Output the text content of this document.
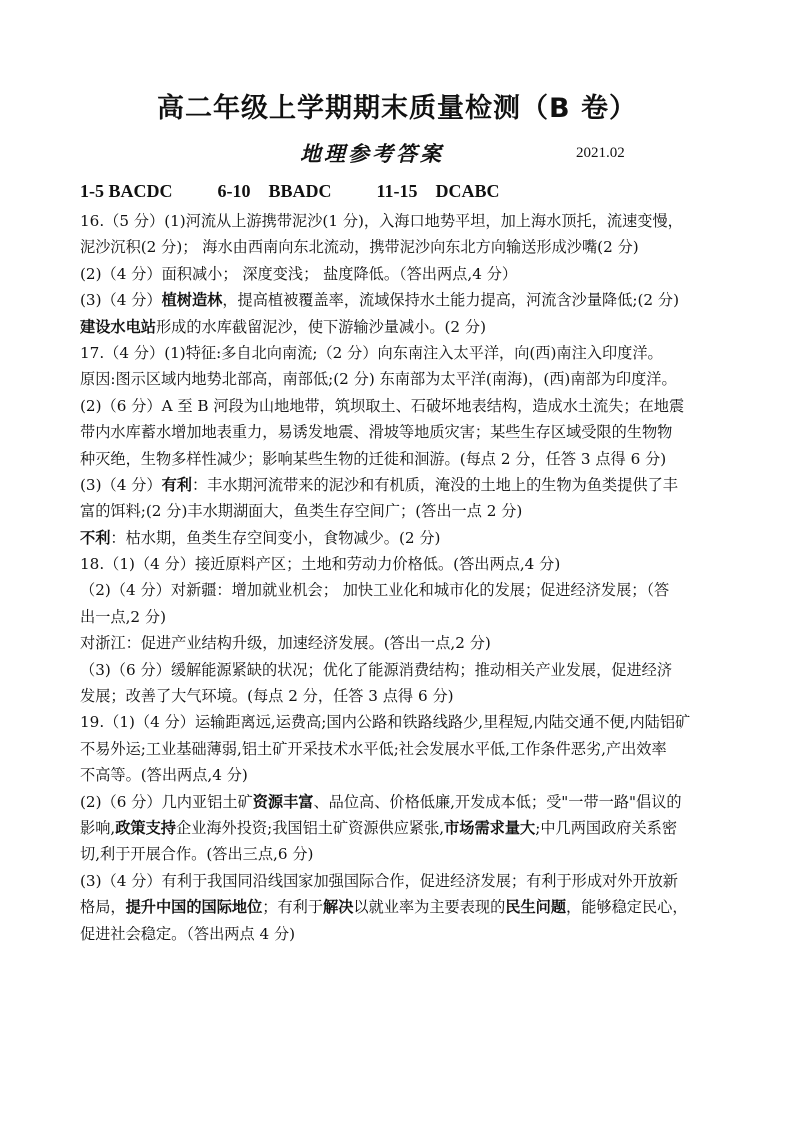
高二年级上学期期末质量检测（B 卷）
地理参考答案	2021.02
1-5 BACDC          6-10    BBADC          11-15    DCABC
16.（5 分）(1)河流从上游携带泥沙(1 分)，入海口地势平坦，加上海水顶托，流速变慢，
泥沙沉积(2 分)； 海水由西南向东北流动，携带泥沙向东北方向输送形成沙嘴(2 分)
(2)（4 分）面积减小； 深度变浅； 盐度降低。（答出两点,4 分）
(3)（4 分）植树造林，提高植被覆盖率，流域保持水土能力提高，河流含沙量降低;(2 分)
建设水电站形成的水库截留泥沙，使下游输沙量减小。(2 分)
17.（4 分）(1)特征:多自北向南流;（2 分）向东南注入太平洋，向(西)南注入印度洋。
原因:图示区域内地势北部高，南部低;(2 分) 东南部为太平洋(南海)，(西)南部为印度洋。
(2)（6 分）A 至 B 河段为山地地带，筑坝取土、石破坏地表结构，造成水土流失；在地震
带内水库蓄水增加地表重力，易诱发地震、滑坡等地质灾害；某些生存区域受限的生物物
种灭绝，生物多样性减少；影响某些生物的迁徙和洄游。(每点 2 分，任答 3 点得 6 分)
(3)（4 分）有利：丰水期河流带来的泥沙和有机质，淹没的土地上的生物为鱼类提供了丰
富的饵料;(2 分)丰水期湖面大，鱼类生存空间广；(答出一点 2 分)
不利：枯水期，鱼类生存空间变小，食物减少。(2 分)
18.（1)（4 分）接近原料产区；土地和劳动力价格低。(答出两点,4 分)
（2)（4 分）对新疆：增加就业机会； 加快工业化和城市化的发展；促进经济发展；（答
出一点,2 分)
对浙江：促进产业结构升级，加速经济发展。(答出一点,2 分)
（3)（6 分）缓解能源紧缺的状况；优化了能源消费结构；推动相关产业发展，促进经济
发展；改善了大气环境。(每点 2 分，任答 3 点得 6 分)
19.（1)（4 分）运输距离远,运费高;国内公路和铁路线路少,里程短,内陆交通不便,内陆铝矿
不易外运;工业基础薄弱,铝土矿开采技术水平低;社会发展水平低,工作条件恶劣,产出效率
不高等。(答出两点,4 分)
(2)（6 分）几内亚铝土矿资源丰富、品位高、价格低廉,开发成本低；受"一带一路"倡议的
影响,政策支持企业海外投资;我国铝土矿资源供应紧张,市场需求量大;中几两国政府关系密
切,利于开展合作。(答出三点,6 分)
(3)（4 分）有利于我国同沿线国家加强国际合作，促进经济发展；有利于形成对外开放新
格局，提升中国的国际地位；有利于解决以就业率为主要表现的民生问题，能够稳定民心，
促进社会稳定。（答出两点 4 分)
